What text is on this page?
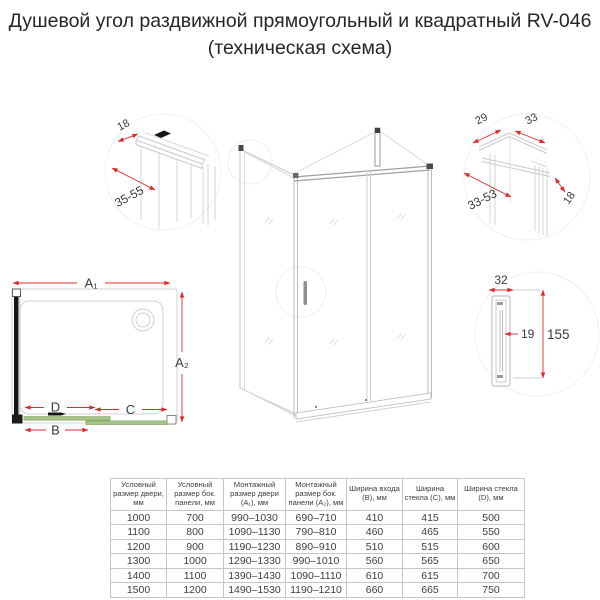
Душевой угол раздвижной прямоугольный и квадратный RV-046
(техническая схема)
18
35-55
29	33
33-53	18
32
19 155
A₁
A₂
D	C
B
Условный размер двери, мм	Условный размер бок. панели, мм	Монтажный размер двери (A₁), мм	Монтажный размер бок. панели (A₂), мм	Ширина входа (B), мм	Ширина стекла (C), мм	Ширина стекла (D), мм
1000	700	990–1030	690–710	410	415	500
1100	800	1090–1130	790–810	460	465	550
1200	900	1190–1230	890–910	510	515	600
1300	1000	1290–1330	990–1010	560	565	650
1400	1100	1390–1430	1090–1110	610	615	700
1500	1200	1490–1530	1190–1210	660	665	750
